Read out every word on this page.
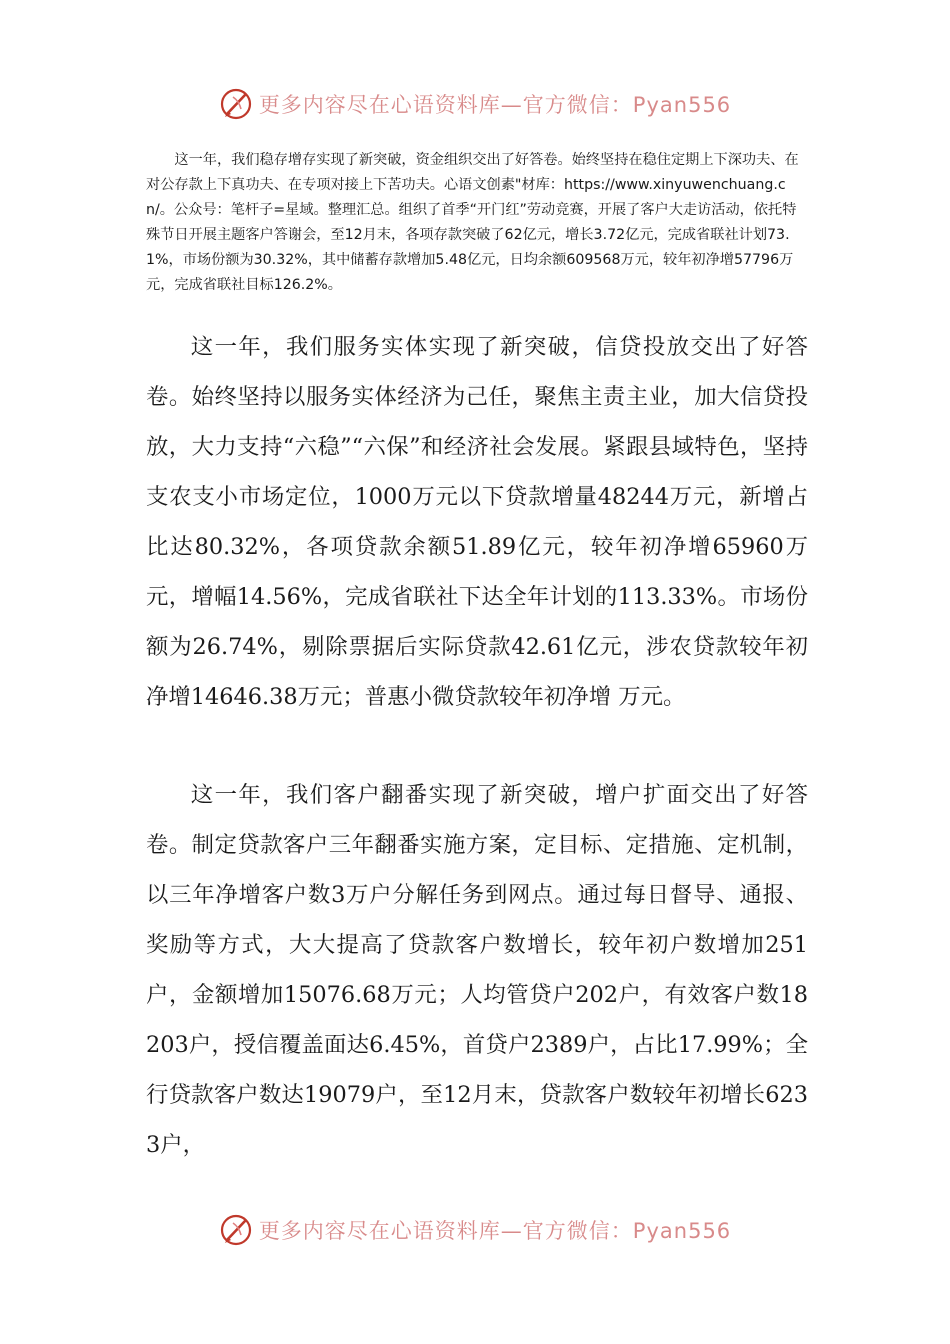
更多内容尽在心语资料库—官方微信：Pyan556

这一年，我们稳存增存实现了新突破，资金组织交出了好答卷。始终坚持在稳住定期上下深功夫、在对公存款上下真功夫、在专项对接上下苦功夫。心语文创素"材库：https://www.xinyuwenchuang.cn/。公众号：笔杆子=星域。整理汇总。组织了首季“开门红”劳动竞赛，开展了客户大走访活动，依托特殊节日开展主题客户答谢会，至12月末，各项存款突破了62亿元，增长3.72亿元，完成省联社计划73.1%，市场份额为30.32%，其中储蓄存款增加5.48亿元，日均余额609568万元，较年初净增57796万元，完成省联社目标126.2%。

这一年，我们服务实体实现了新突破，信贷投放交出了好答卷。始终坚持以服务实体经济为己任，聚焦主责主业，加大信贷投放，大力支持“六稳”“六保”和经济社会发展。紧跟县域特色，坚持支农支小市场定位，1000万元以下贷款增量48244万元，新增占比达80.32%，各项贷款余额51.89亿元，较年初净增65960万元，增幅14.56%，完成省联社下达全年计划的113.33%。市场份额为26.74%，剔除票据后实际贷款42.61亿元，涉农贷款较年初净增14646.38万元；普惠小微贷款较年初净增 万元。

这一年，我们客户翻番实现了新突破，增户扩面交出了好答卷。制定贷款客户三年翻番实施方案，定目标、定措施、定机制，以三年净增客户数3万户分解任务到网点。通过每日督导、通报、奖励等方式，大大提高了贷款客户数增长，较年初户数增加251户，金额增加15076.68万元；人均管贷户202户，有效客户数18203户，授信覆盖面达6.45%，首贷户2389户，占比17.99%；全行贷款客户数达19079户，至12月末，贷款客户数较年初增长6233户，

更多内容尽在心语资料库—官方微信：Pyan556
